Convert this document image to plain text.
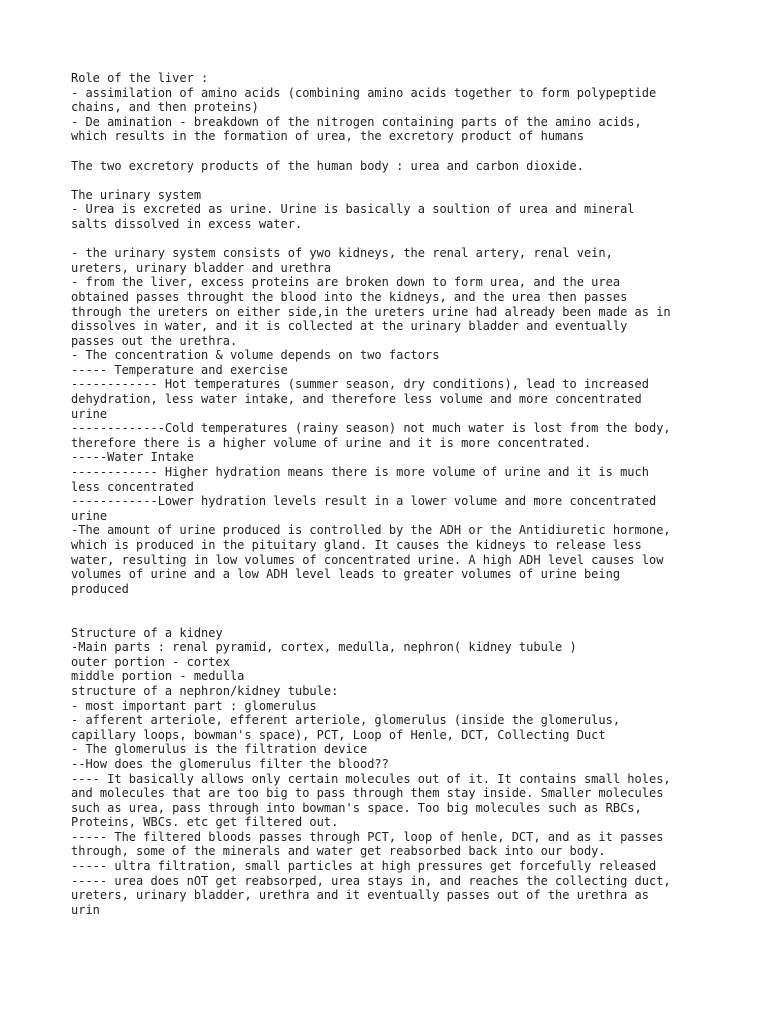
Role of the liver :
- assimilation of amino acids (combining amino acids together to form polypeptide
chains, and then proteins)
- De amination - breakdown of the nitrogen containing parts of the amino acids,
which results in the formation of urea, the excretory product of humans
The two excretory products of the human body : urea and carbon dioxide.
The urinary system
- Urea is excreted as urine. Urine is basically a soultion of urea and mineral
salts dissolved in excess water.
- the urinary system consists of ywo kidneys, the renal artery, renal vein,
ureters, urinary bladder and urethra
- from the liver, excess proteins are broken down to form urea, and the urea
obtained passes throught the blood into the kidneys, and the urea then passes
through the ureters on either side,in the ureters urine had already been made as in
dissolves in water, and it is collected at the urinary bladder and eventually
passes out the urethra.
- The concentration & volume depends on two factors
----- Temperature and exercise
------------ Hot temperatures (summer season, dry conditions), lead to increased
dehydration, less water intake, and therefore less volume and more concentrated
urine
-------------Cold temperatures (rainy season) not much water is lost from the body,
therefore there is a higher volume of urine and it is more concentrated.
-----Water Intake
------------ Higher hydration means there is more volume of urine and it is much
less concentrated
------------Lower hydration levels result in a lower volume and more concentrated
urine
-The amount of urine produced is controlled by the ADH or the Antidiuretic hormone,
which is produced in the pituitary gland. It causes the kidneys to release less
water, resulting in low volumes of concentrated urine. A high ADH level causes low
volumes of urine and a low ADH level leads to greater volumes of urine being
produced
Structure of a kidney
-Main parts : renal pyramid, cortex, medulla, nephron( kidney tubule )
outer portion - cortex
middle portion - medulla
structure of a nephron/kidney tubule:
- most important part : glomerulus
- afferent arteriole, efferent arteriole, glomerulus (inside the glomerulus,
capillary loops, bowman's space), PCT, Loop of Henle, DCT, Collecting Duct
- The glomerulus is the filtration device
--How does the glomerulus filter the blood??
---- It basically allows only certain molecules out of it. It contains small holes,
and molecules that are too big to pass through them stay inside. Smaller molecules
such as urea, pass through into bowman's space. Too big molecules such as RBCs,
Proteins, WBCs. etc get filtered out.
----- The filtered bloods passes through PCT, loop of henle, DCT, and as it passes
through, some of the minerals and water get reabsorbed back into our body.
----- ultra filtration, small particles at high pressures get forcefully released
----- urea does nOT get reabsorped, urea stays in, and reaches the collecting duct,
ureters, urinary bladder, urethra and it eventually passes out of the urethra as
urin
